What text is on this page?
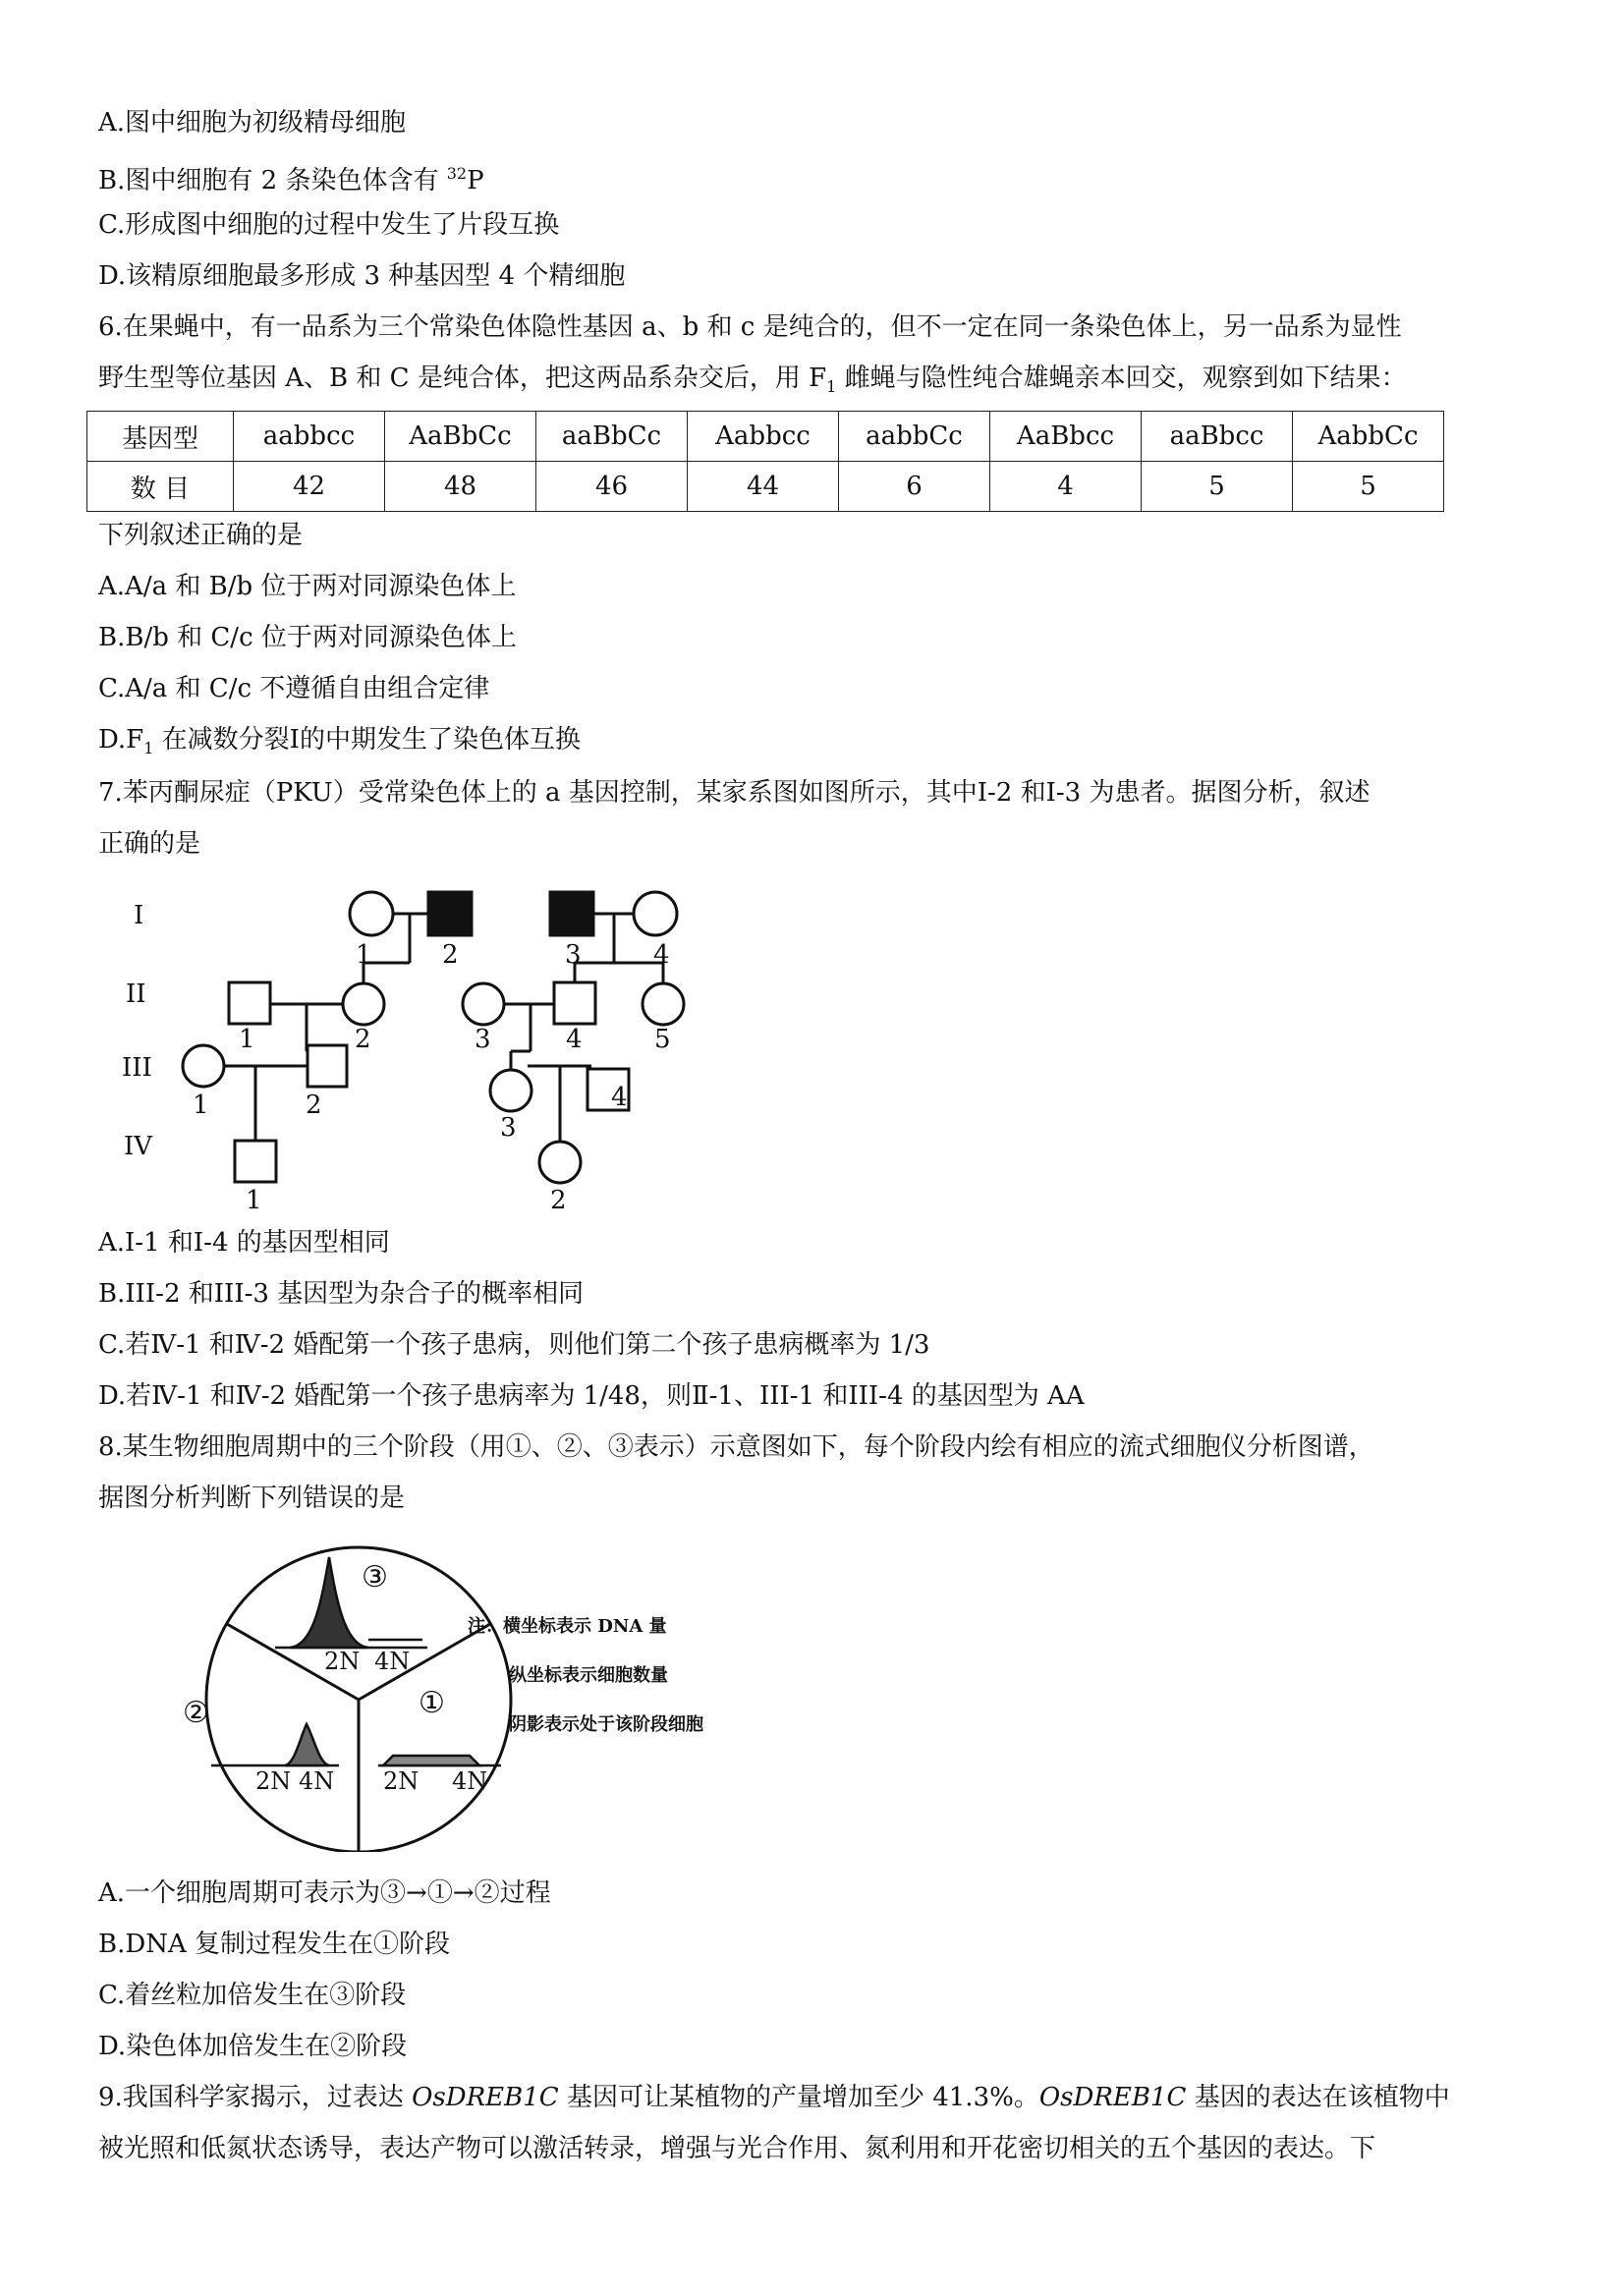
A.图中细胞为初级精母细胞
B.图中细胞有 2 条染色体含有 $^{32}$P
C.形成图中细胞的过程中发生了片段互换
D.该精原细胞最多形成 3 种基因型 4 个精细胞
6.在果蝇中，有一品系为三个常染色体隐性基因 a、b 和 c 是纯合的，但不一定在同一条染色体上，另一品系为显性
野生型等位基因 A、B 和 C 是纯合体，把这两品系杂交后，用 $F_1$ 雌蝇与隐性纯合雄蝇亲本回交，观察到如下结果：
基因型	aabbcc	AaBbCc	aaBbCc	Aabbcc	aabbCc	AaBbcc	aaBbcc	AabbCc
数 目	42	48	46	44	6	4	5	5
下列叙述正确的是
A.A/a 和 B/b 位于两对同源染色体上
B.B/b 和 C/c 位于两对同源染色体上
C.A/a 和 C/c 不遵循自由组合定律
$D.F_1$ 在减数分裂Ⅰ的中期发生了染色体互换
7.苯丙酮尿症（PKU）受常染色体上的 a 基因控制，某家系图如图所示，其中Ⅰ-2 和Ⅰ-3 为患者。据图分析，叙述
正确的是
I
II
III
IV
1	2	3	4
1	2	3	4	5
1	2
3
4
1	2
A.Ⅰ-1 和Ⅰ-4 的基因型相同
B.III-2 和III-3 基因型为杂合子的概率相同
C.若Ⅳ-1 和Ⅳ-2 婚配第一个孩子患病，则他们第二个孩子患病概率为 1/3
D.若Ⅳ-1 和Ⅳ-2 婚配第一个孩子患病率为 1/48，则Ⅱ-1、III-1 和III-4 的基因型为 AA
8.某生物细胞周期中的三个阶段（用①、②、③表示）示意图如下，每个阶段内绘有相应的流式细胞仪分析图谱，
据图分析判断下列错误的是
③
②	①
2N 4N
2N 4N 2N 4N
注：横坐标表示 DNA 量
纵坐标表示细胞数量
阴影表示处于该阶段细胞
A.一个细胞周期可表示为③→①→②过程
B.DNA 复制过程发生在①阶段
C.着丝粒加倍发生在③阶段
D.染色体加倍发生在②阶段
9.我国科学家揭示，过表达 OsDREB1C 基因可让某植物的产量增加至少 41.3%。OsDREB1C 基因的表达在该植物中
被光照和低氮状态诱导，表达产物可以激活转录，增强与光合作用、氮利用和开花密切相关的五个基因的表达。下
